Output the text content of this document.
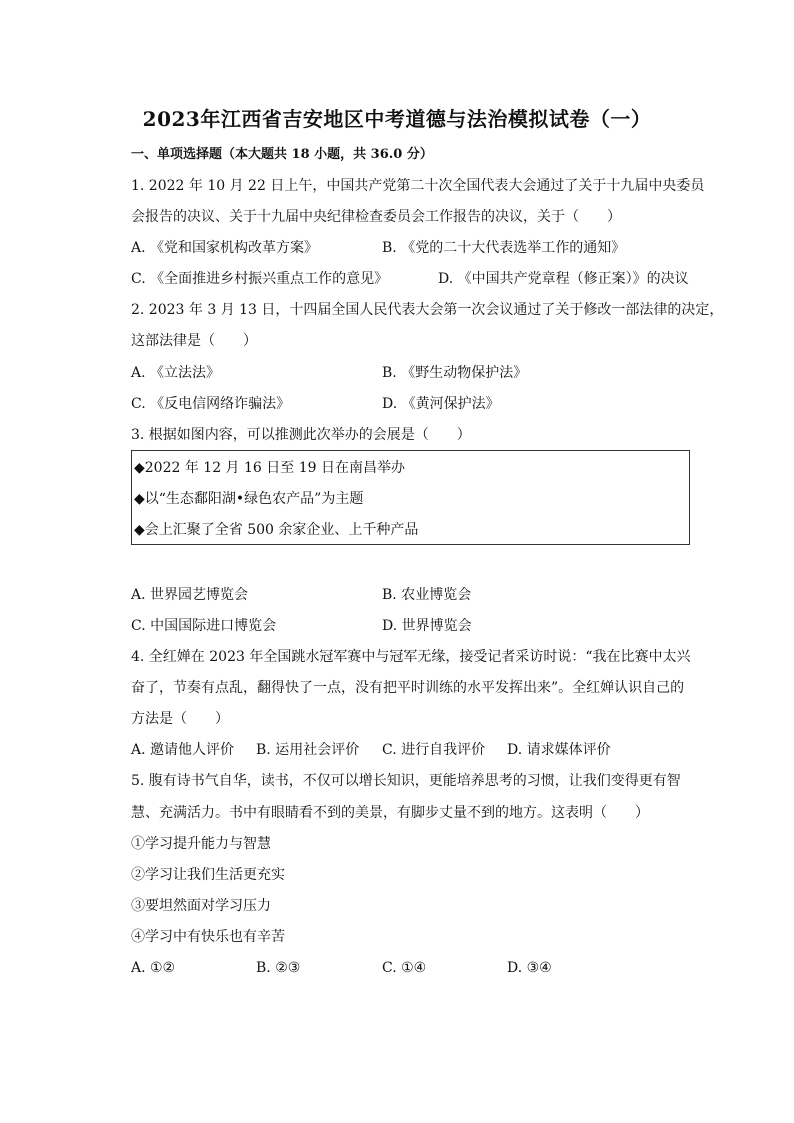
2023年江西省吉安地区中考道德与法治模拟试卷（一）
一、单项选择题（本大题共 18 小题，共 36.0 分）
1. 2022 年 10 月 22 日上午，中国共产党第二十次全国代表大会通过了关于十九届中央委员
会报告的决议、关于十九届中央纪律检查委员会工作报告的决议，关于（　　）
A. 《党和国家机构改革方案》	B. 《党的二十大代表选举工作的通知》
C. 《全面推进乡村振兴重点工作的意见》	D. 《中国共产党章程（修正案）》的决议
2. 2023 年 3 月 13 日，十四届全国人民代表大会第一次会议通过了关于修改一部法律的决定，
这部法律是（　　）
A. 《立法法》	B. 《野生动物保护法》
C. 《反电信网络诈骗法》	D. 《黄河保护法》
3. 根据如图内容，可以推测此次举办的会展是（　　）
◆2022 年 12 月 16 日至 19 日在南昌举办
◆以“生态鄱阳湖•绿色农产品”为主题
◆会上汇聚了全省 500 余家企业、上千种产品
A. 世界园艺博览会	B. 农业博览会
C. 中国国际进口博览会	D. 世界博览会
4. 全红婵在 2023 年全国跳水冠军赛中与冠军无缘，接受记者采访时说：“我在比赛中太兴
奋了，节奏有点乱，翻得快了一点，没有把平时训练的水平发挥出来”。全红婵认识自己的
方法是（　　）
A. 邀请他人评价 B. 运用社会评价 C. 进行自我评价 D. 请求媒体评价
5. 腹有诗书气自华，读书，不仅可以增长知识，更能培养思考的习惯，让我们变得更有智
慧、充满活力。书中有眼睛看不到的美景，有脚步丈量不到的地方。这表明（　　）
①学习提升能力与智慧
②学习让我们生活更充实
③要坦然面对学习压力
④学习中有快乐也有辛苦
A. ①②	B. ②③	C. ①④	D. ③④
